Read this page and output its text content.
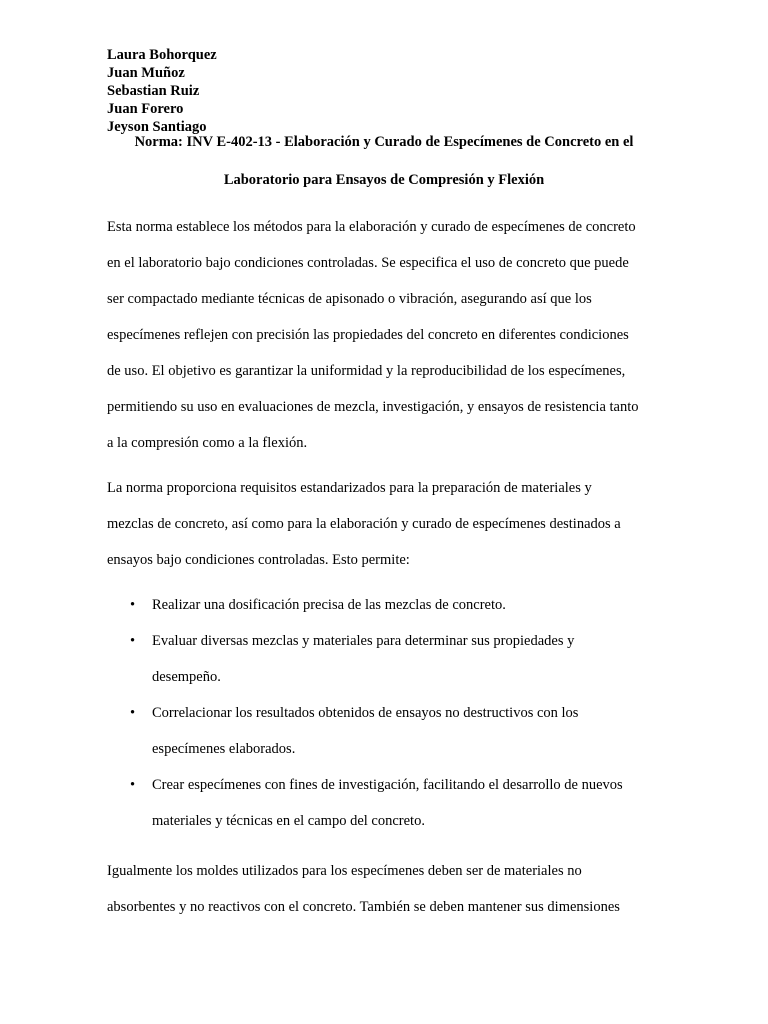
Laura Bohorquez
Juan Muñoz
Sebastian Ruiz
Juan Forero
Jeyson Santiago
Norma: INV E-402-13 - Elaboración y Curado de Especímenes de Concreto en el
Laboratorio para Ensayos de Compresión y Flexión

Esta norma establece los métodos para la elaboración y curado de especímenes de concreto
en el laboratorio bajo condiciones controladas. Se especifica el uso de concreto que puede
ser compactado mediante técnicas de apisonado o vibración, asegurando así que los
especímenes reflejen con precisión las propiedades del concreto en diferentes condiciones
de uso. El objetivo es garantizar la uniformidad y la reproducibilidad de los especímenes,
permitiendo su uso en evaluaciones de mezcla, investigación, y ensayos de resistencia tanto
a la compresión como a la flexión.

La norma proporciona requisitos estandarizados para la preparación de materiales y
mezclas de concreto, así como para la elaboración y curado de especímenes destinados a
ensayos bajo condiciones controladas. Esto permite:

• Realizar una dosificación precisa de las mezclas de concreto.
• Evaluar diversas mezclas y materiales para determinar sus propiedades y
desempeño.
• Correlacionar los resultados obtenidos de ensayos no destructivos con los
especímenes elaborados.
• Crear especímenes con fines de investigación, facilitando el desarrollo de nuevos
materiales y técnicas en el campo del concreto.

Igualmente los moldes utilizados para los especímenes deben ser de materiales no
absorbentes y no reactivos con el concreto. También se deben mantener sus dimensiones
